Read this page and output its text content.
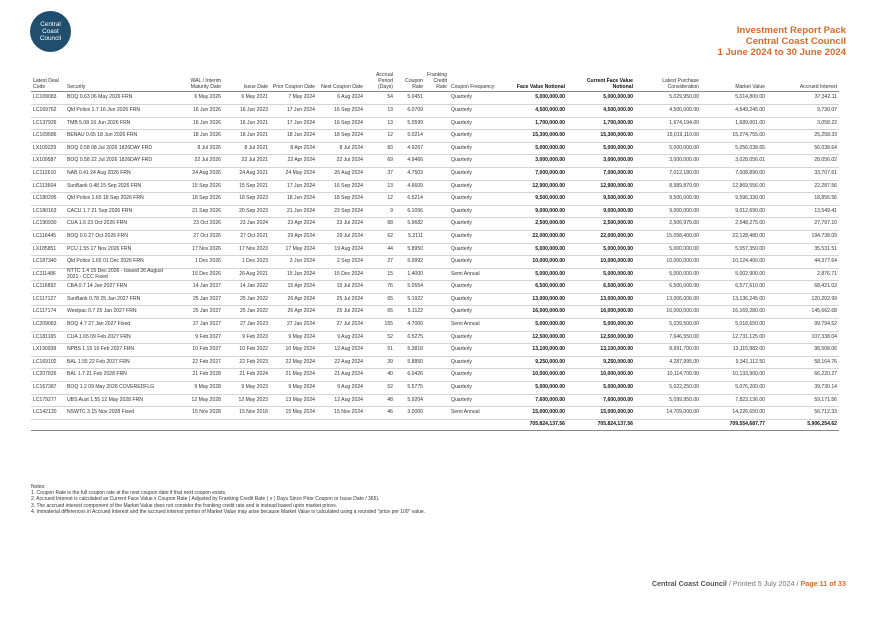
Central
Coast
Council
Investment Report Pack
Central Coast Council
1 June 2024 to 30 June 2024
Latest Deal Code	Security	WAL / Interim Maturity Date	Issue Date	Prior Coupon Date	Next Coupon Date	Accrual Period (Days)	Coupon Rate	Franking Credit Rate	Coupon Frequency	Face Value Notional	Current Face Value Notional	Latest Purchase Consideration	Market Value	Accrued Interest
LC109083	BOQ 0.63 06 May 2026 FRN	6 May 2026	6 May 2021	7 May 2024	6 Aug 2024	54	5.0451		Quarterly	5,000,000.00	5,000,000.00	5,029,950.00	5,014,800.00	37,342.11
LC169762	Qld Police 1.7 16 Jun 2026 FRN	16 Jun 2026	16 Jun 2023	17 Jun 2024	16 Sep 2024	13	6.0709		Quarterly	4,500,000.00	4,500,000.00	4,500,000.00	4,549,245.00	9,730.07
LC137926	TMB 5.08 16 Jun 2026 FRN	16 Jun 2026	16 Jun 2021	17 Jun 2024	16 Sep 2024	13	5.0599		Quarterly	1,700,000.00	1,700,000.00	1,674,194.00	1,689,001.00	3,058.22
LC109586	BENAU 0.65 18 Jun 2026 FRN	18 Jun 2026	18 Jun 2021	18 Jun 2024	18 Sep 2024	12	5.0214		Quarterly	15,300,000.00	15,300,000.00	15,019,110.00	15,274,755.00	25,258.33
LX109229	BOQ 0.58 08 Jul 2026 1826DAY FRD	8 Jul 2026	8 Jul 2021	8 Apr 2024	8 Jul 2024	83	4.9267		Quarterly	5,000,000.00	5,000,000.00	5,000,000.00	5,056,038.65	56,038.64
LX109587	BOQ 0.58 22 Jul 2026 1826DAY FRD	22 Jul 2026	22 Jul 2021	22 Apr 2024	22 Jul 2024	69	4.9466		Quarterly	3,000,000.00	3,000,000.00	3,000,000.00	3,028,056.01	28,056.02
LC112610	NAB 0.41 24 Aug 2026 FRN	24 Aug 2026	24 Aug 2021	24 May 2024	26 Aug 2024	37	4.7503		Quarterly	7,000,000.00	7,000,000.00	7,012,180.00	7,008,890.00	33,707.61
LC113604	SunBank 0.48 15 Sep 2026 FRN	15 Sep 2026	15 Sep 2021	17 Jun 2024	16 Sep 2024	13	4.6609		Quarterly	12,900,000.00	12,900,000.00	8,989,870.00	12,869,556.00	22,287.56
LC180295	Qld Police 1.65 18 Sep 2026 FRN	18 Sep 2026	18 Sep 2023	18 Jun 2024	18 Sep 2024	12	6.5214		Quarterly	9,500,000.00	9,500,000.00	9,500,000.00	9,596,330.00	18,856.56
LC180163	CACU 1.7 21 Sep 2026 FRN	21 Sep 2026	20 Sep 2023	21 Jun 2024	23 Sep 2024	9	6.1056		Quarterly	9,000,000.00	9,000,000.00	9,000,000.00	9,012,690.00	13,549.41
LC190930	CUA 1.6 23 Oct 2026 FRN	23 Oct 2026	23 Jan 2024	23 Apr 2024	23 Jul 2024	68	5.9682		Quarterly	2,500,000.00	2,500,000.00	2,506,975.00	2,548,275.00	27,797.10
LC116445	BOQ 0.6 27 Oct 2026 FRN	27 Oct 2026	27 Oct 2021	29 Apr 2024	29 Jul 2024	62	5.2111		Quarterly	22,000,000.00	22,000,000.00	15,058,400.00	22,128,480.00	194,738.09
LX185851	PCU 1.55 17 Nov 2026 FRN	17 Nov 2026	17 Nov 2023	17 May 2024	19 Aug 2024	44	5.8950		Quarterly	5,000,000.00	5,000,000.00	5,000,000.00	5,057,350.00	35,531.51
LC187340	Qld Police 1.65 01 Dec 2026 FRN	1 Dec 2026	1 Dec 2023	3 Jun 2024	2 Sep 2024	27	5.9992		Quarterly	10,000,000.00	10,000,000.00	10,000,000.00	10,124,400.00	44,377.64
LC111486	NTTC 1.4 15 Dec 2026 - Issued 26 August 2021 - CCC Fixed	15 Dec 2026	26 Aug 2021	15 Jun 2024	15 Dec 2024	15	1.4000		Semi Annual	5,000,000.00	5,000,000.00	5,000,000.00	5,002,900.00	2,876.71
LC116892	CBA 0.7 14 Jan 2027 FRN	14 Jan 2027	14 Jan 2022	15 Apr 2024	15 Jul 2024	76	5.0554		Quarterly	6,500,000.00	6,500,000.00	6,500,000.00	6,577,610.00	68,421.03
LC117127	SunBank 0.78 25 Jan 2027 FRN	25 Jan 2027	25 Jan 2022	26 Apr 2024	25 Jul 2024	65	5.1922		Quarterly	13,000,000.00	13,000,000.00	13,006,006.00	13,136,245.00	120,202.99
LC117174	Westpac 0.7 25 Jan 2027 FRN	25 Jan 2027	25 Jan 2022	26 Apr 2024	25 Jul 2024	65	5.1122		Quarterly	16,000,000.00	16,000,000.00	16,000,000.00	16,169,280.00	145,662.68
LC209063	BOQ 4.7 27 Jan 2027 Fixed	27 Jan 2027	27 Jan 2023	27 Jan 2024	27 Jul 2024	155	4.7000		Semi Annual	5,000,000.00	5,000,000.00	5,039,500.00	5,018,650.00	99,794.52
LC181165	CUA 1.65 09 Feb 2027 FRN	9 Feb 2027	9 Feb 2023	9 May 2024	9 Aug 2024	52	6.5275		Quarterly	12,500,000.00	12,500,000.00	7,646,550.00	12,731,125.00	107,338.04
LX190938	NPBS 1.15 10 Feb 2027 FRN	10 Feb 2027	10 Feb 2022	10 May 2024	12 Aug 2024	51	5.3818		Quarterly	13,100,000.00	13,100,000.00	8,991,700.00	13,115,982.00	98,508.06
LC169102	BAL 1.55 22 Feb 2027 FRN	22 Feb 2027	22 Feb 2023	22 May 2024	22 Aug 2024	39	5.8850		Quarterly	9,250,000.00	9,250,000.00	4,287,995.00	9,341,112.50	58,164.76
LC207826	BAL 1.7 21 Feb 2028 FRN	21 Feb 2028	21 Feb 2024	21 May 2024	21 Aug 2024	40	6.0426		Quarterly	10,000,000.00	10,000,000.00	10,114,700.00	10,133,900.00	66,220.27
LC167387	BOQ 1.2 09 May 2028 COVEREDFLG	9 May 2028	9 May 2023	9 May 2024	9 Aug 2024	52	5.5775		Quarterly	5,000,000.00	5,000,000.00	5,022,250.00	5,076,200.00	39,730.14
LC179277	UBS Aust 1.55 12 May 2028 FRN	12 May 2028	12 May 2023	13 May 2024	12 Aug 2024	48	5.9204		Quarterly	7,600,000.00	7,600,000.00	5,099,950.00	7,823,136.00	59,171.56
LC142120	NSWTC 3 15 Nov 2028 Fixed	15 Nov 2028	15 Nov 2018	15 May 2024	15 Nov 2024	46	3.0000		Semi Annual	15,000,000.00	15,000,000.00	14,709,000.00	14,226,650.00	56,712.33
										705,824,137.56	705,824,137.56		709,554,687.77	5,906,254.62
Notes:
1. Coupon Rate is the full coupon rate at the next coupon date if that next coupon exists.
2. Accrued Interest is calculated as Current Face Value x Coupon Rate ( Adjusted by Franking Credit Rate ) x ( Days Since Prior Coupon or Issue Date / 365).
3. The accrued interest component of the Market Value does not consider the franking credit rate and is instead based upon market prices.
4. Immaterial differences in Accrued Interest and the accrued interest portion of Market Value may arise because Market Value is calculated using a rounded "price per 100" value.
Central Coast Council / Printed 5 July 2024 / Page 11 of 33
